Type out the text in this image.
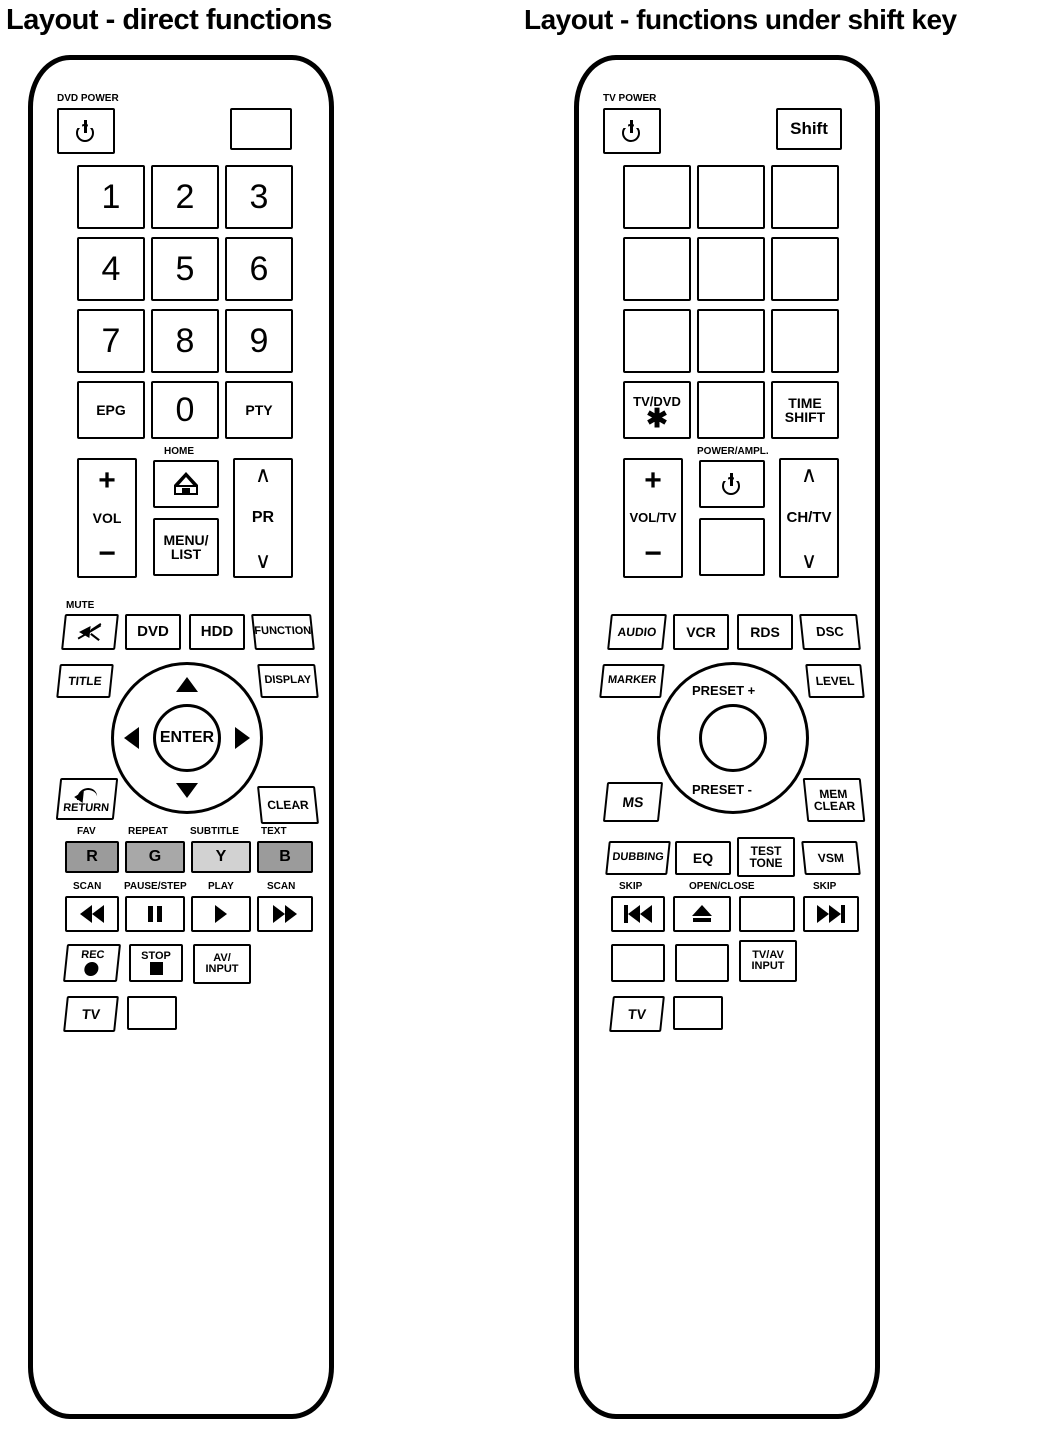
Layout - direct functions
DVD POWER
1	2	3
4	5	6
7	8	9
EPG	0	PTY
+
VOL
−
HOME
MENU/
LIST
∧
PR
∨
MUTE
DVD	HDD	FUNCTION
ENTER
TITLE	DISPLAY
RETURN	CLEAR
FAV	REPEAT SUBTITLE TEXT
R	G	Y	B
SCAN PAUSE/STEP PLAY	SCAN
REC	STOP	AV/
INPUT
TV
Layout - functions under shift key
TV POWER
Shift
TV/DVD
✱	TIME
SHIFT
+
VOL/TV
−
POWER/AMPL.
∧
CH/TV
∨
AUDIO	VCR	RDS	DSC
PRESET +
PRESET -
MARKER	LEVEL
MS
MEM
CLEAR
DUBBING	EQ	TEST
TONE	VSM
SKIP	OPEN/CLOSE	SKIP
TV/AV
INPUT
TV
